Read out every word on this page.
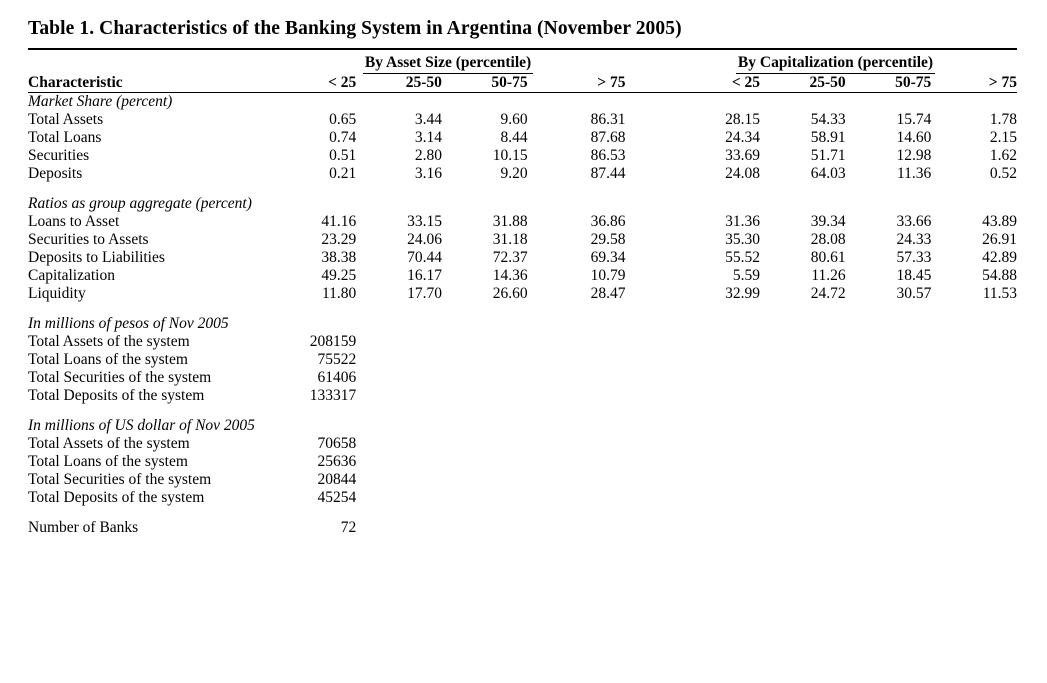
Table 1. Characteristics of the Banking System in Argentina (November 2005)
	By Asset Size (percentile)					By Capitalization (percentile)			
Characteristic	< 25	25-50	50-75	> 75		< 25	25-50	50-75	> 75

Market Share (percent)									
Total Assets	0.65	3.44	9.60	86.31		28.15	54.33	15.74	1.78
Total Loans	0.74	3.14	8.44	87.68		24.34	58.91	14.60	2.15
Securities	0.51	2.80	10.15	86.53		33.69	51.71	12.98	1.62
Deposits	0.21	3.16	9.20	87.44		24.08	64.03	11.36	0.52

Ratios as group aggregate (percent)									
Loans to Asset	41.16	33.15	31.88	36.86		31.36	39.34	33.66	43.89
Securities to Assets	23.29	24.06	31.18	29.58		35.30	28.08	24.33	26.91
Deposits to Liabilities	38.38	70.44	72.37	69.34		55.52	80.61	57.33	42.89
Capitalization	49.25	16.17	14.36	10.79		5.59	11.26	18.45	54.88
Liquidity	11.80	17.70	26.60	28.47		32.99	24.72	30.57	11.53

In millions of pesos of Nov 2005									
Total Assets of the system	208159								
Total Loans of the system	75522								
Total Securities of the system	61406								
Total Deposits of the system	133317								

In millions of US dollar of Nov 2005									
Total Assets of the system	70658								
Total Loans of the system	25636								
Total Securities of the system	20844								
Total Deposits of the system	45254								

Number of Banks	72								
